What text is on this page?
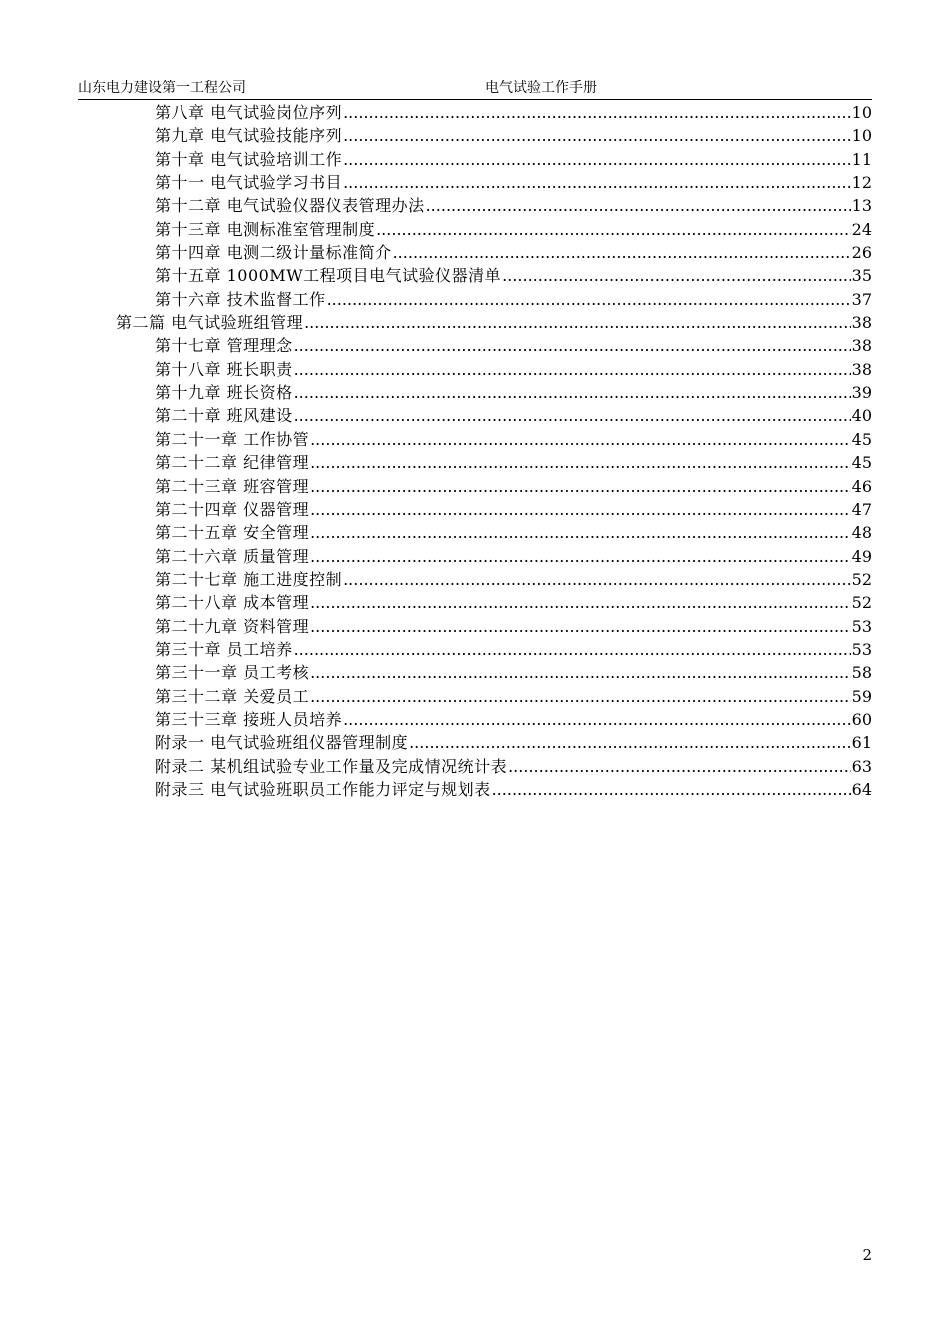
山东电力建设第一工程公司	电气试验工作手册
第八章 电气试验岗位序列 .....	10
第九章 电气试验技能序列 .....	10
第十章 电气试验培训工作 .....	11
第十一 电气试验学习书目 .....	12
第十二章 电气试验仪器仪表管理办法 .....	13
第十三章 电测标准室管理制度 .....	24
第十四章 电测二级计量标准简介 .....	26
第十五章 1000MW工程项目电气试验仪器清单 .....	35
第十六章 技术监督工作 .....	37
第二篇 电气试验班组管理 .....	38
第十七章 管理理念 .....	38
第十八章 班长职责 .....	38
第十九章 班长资格 .....	39
第二十章 班风建设 .....	40
第二十一章 工作协管 .....	45
第二十二章 纪律管理 .....	45
第二十三章 班容管理 .....	46
第二十四章 仪器管理 .....	47
第二十五章 安全管理 .....	48
第二十六章 质量管理 .....	49
第二十七章 施工进度控制 .....	52
第二十八章 成本管理 .....	52
第二十九章 资料管理 .....	53
第三十章 员工培养 .....	53
第三十一章 员工考核 .....	58
第三十二章 关爱员工 .....	59
第三十三章 接班人员培养 .....	60
附录一 电气试验班组仪器管理制度 .....	61
附录二 某机组试验专业工作量及完成情况统计表 .....	63
附录三 电气试验班职员工作能力评定与规划表 .....	64
2
